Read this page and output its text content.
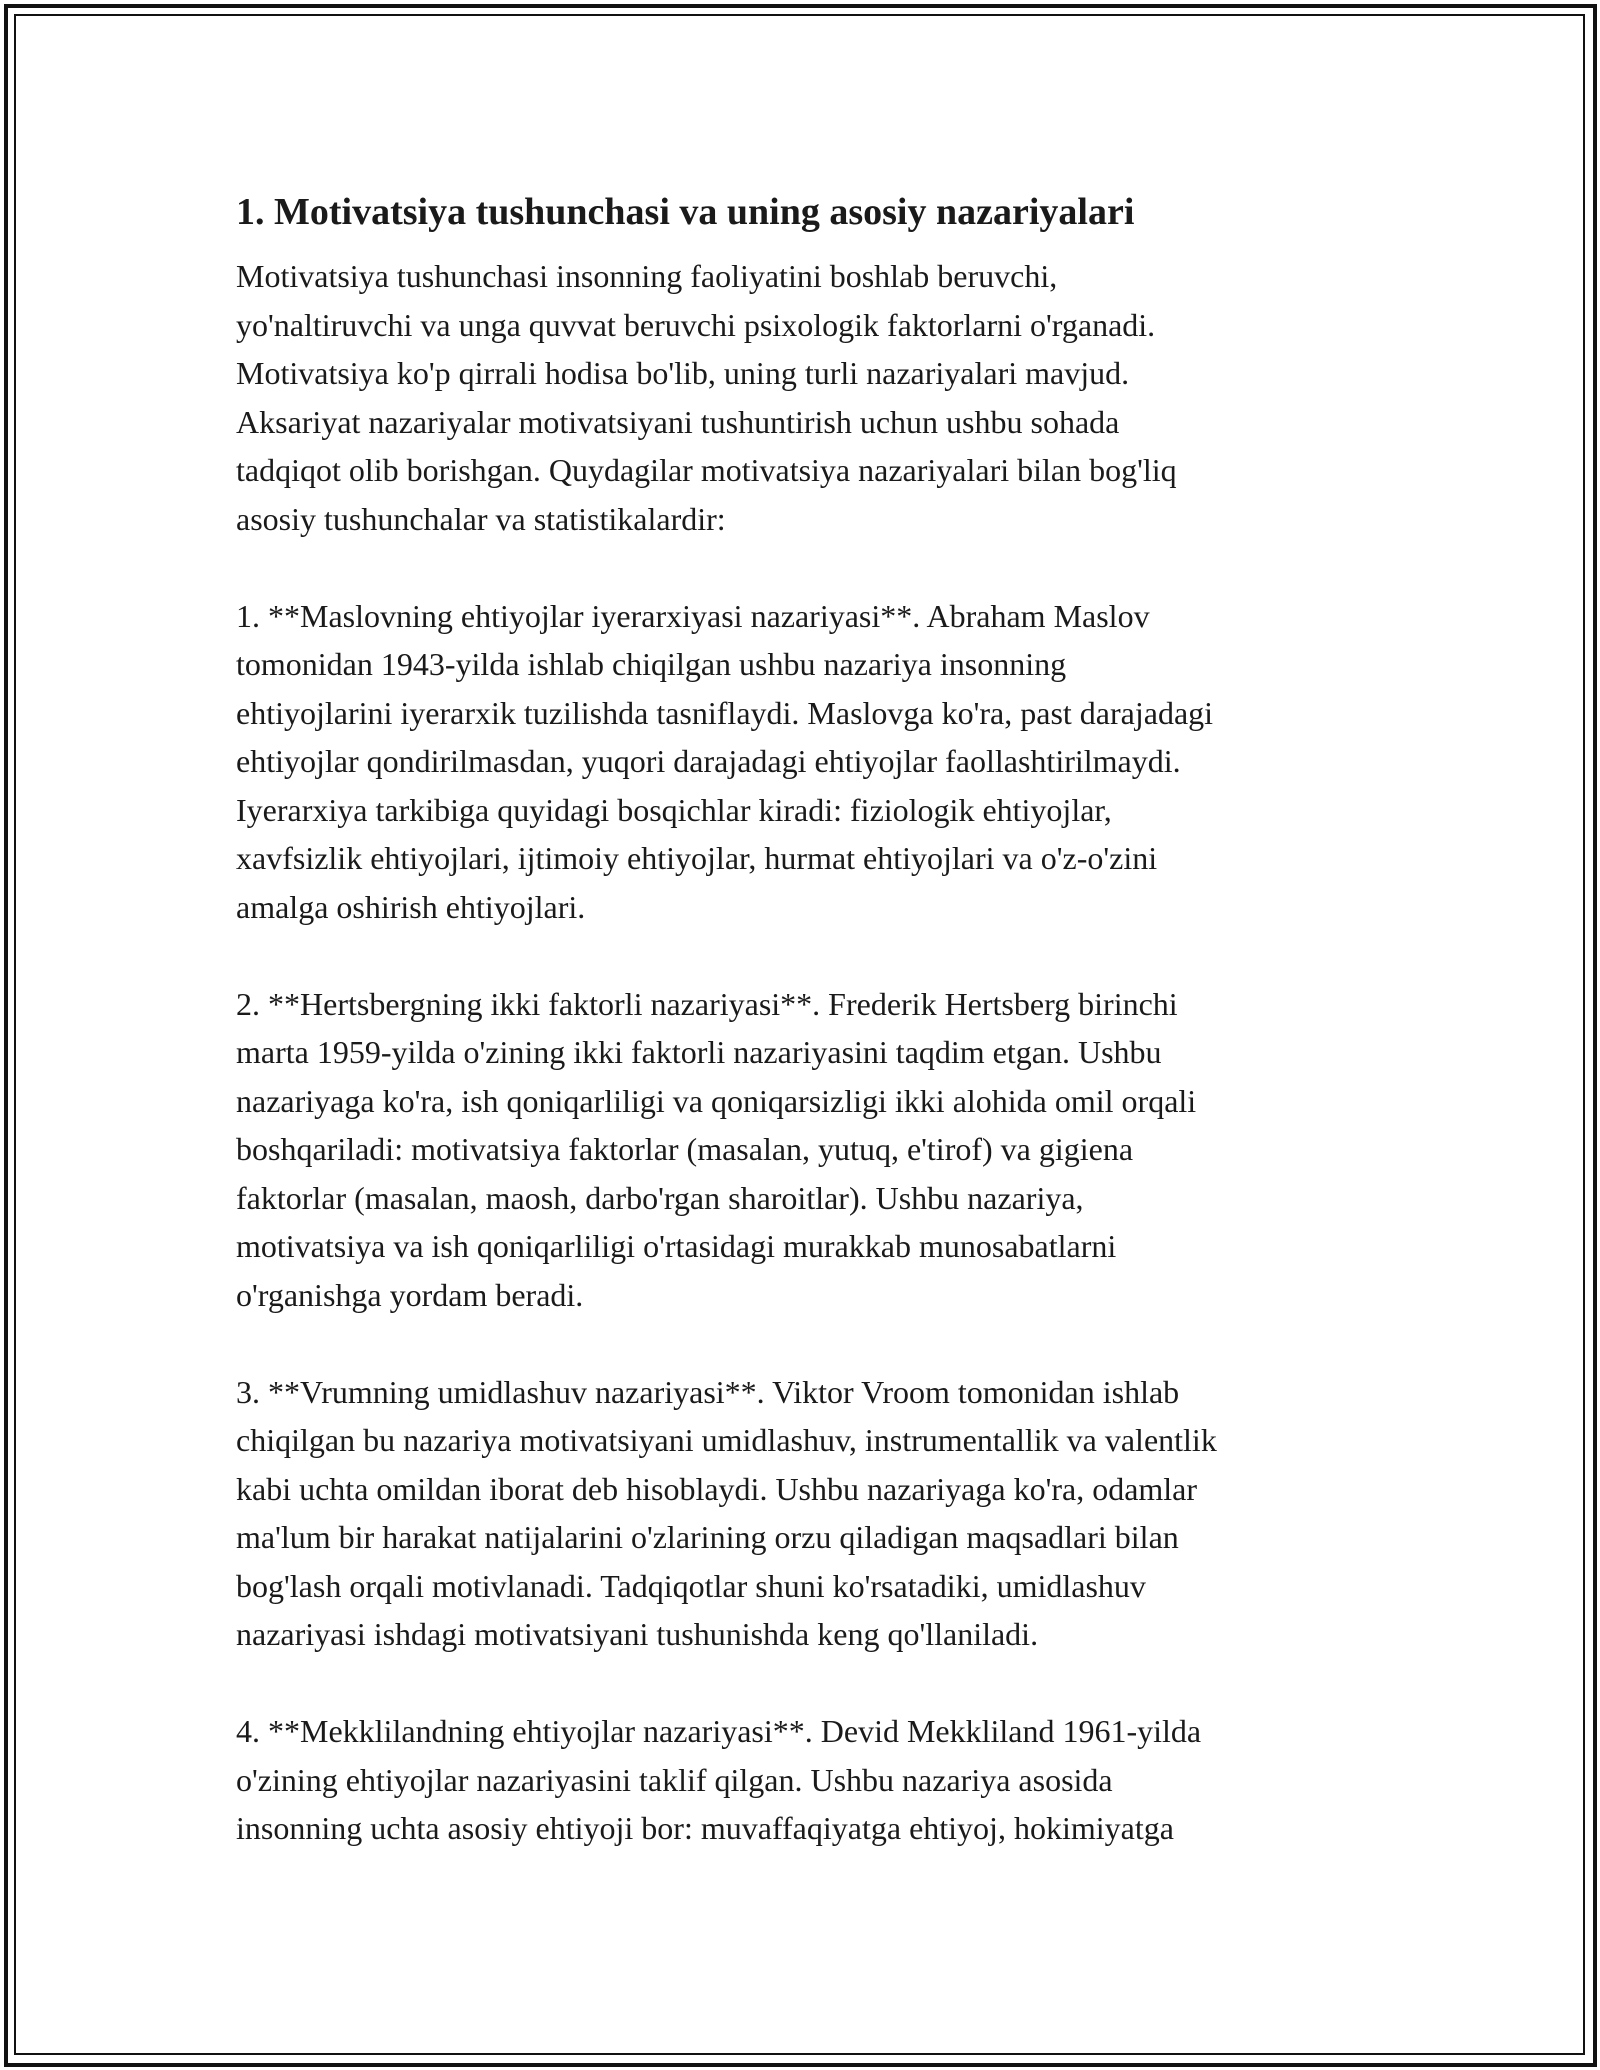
1. Motivatsiya tushunchasi va uning asosiy nazariyalari

Motivatsiya tushunchasi insonning faoliyatini boshlab beruvchi,
yo'naltiruvchi va unga quvvat beruvchi psixologik faktorlarni o'rganadi.
Motivatsiya ko'p qirrali hodisa bo'lib, uning turli nazariyalari mavjud.
Aksariyat nazariyalar motivatsiyani tushuntirish uchun ushbu sohada
tadqiqot olib borishgan. Quydagilar motivatsiya nazariyalari bilan bog'liq
asosiy tushunchalar va statistikalardir:

1. **Maslovning ehtiyojlar iyerarxiyasi nazariyasi**. Abraham Maslov
tomonidan 1943-yilda ishlab chiqilgan ushbu nazariya insonning
ehtiyojlarini iyerarxik tuzilishda tasniflaydi. Maslovga ko'ra, past darajadagi
ehtiyojlar qondirilmasdan, yuqori darajadagi ehtiyojlar faollashtirilmaydi.
Iyerarxiya tarkibiga quyidagi bosqichlar kiradi: fiziologik ehtiyojlar,
xavfsizlik ehtiyojlari, ijtimoiy ehtiyojlar, hurmat ehtiyojlari va o'z-o'zini
amalga oshirish ehtiyojlari.

2. **Hertsbergning ikki faktorli nazariyasi**. Frederik Hertsberg birinchi
marta 1959-yilda o'zining ikki faktorli nazariyasini taqdim etgan. Ushbu
nazariyaga ko'ra, ish qoniqarliligi va qoniqarsizligi ikki alohida omil orqali
boshqariladi: motivatsiya faktorlar (masalan, yutuq, e'tirof) va gigiena
faktorlar (masalan, maosh, darbo'rgan sharoitlar). Ushbu nazariya,
motivatsiya va ish qoniqarliligi o'rtasidagi murakkab munosabatlarni
o'rganishga yordam beradi.

3. **Vrumning umidlashuv nazariyasi**. Viktor Vroom tomonidan ishlab
chiqilgan bu nazariya motivatsiyani umidlashuv, instrumentallik va valentlik
kabi uchta omildan iborat deb hisoblaydi. Ushbu nazariyaga ko'ra, odamlar
ma'lum bir harakat natijalarini o'zlarining orzu qiladigan maqsadlari bilan
bog'lash orqali motivlanadi. Tadqiqotlar shuni ko'rsatadiki, umidlashuv
nazariyasi ishdagi motivatsiyani tushunishda keng qo'llaniladi.

4. **Mekklilandning ehtiyojlar nazariyasi**. Devid Mekkliland 1961-yilda
o'zining ehtiyojlar nazariyasini taklif qilgan. Ushbu nazariya asosida
insonning uchta asosiy ehtiyoji bor: muvaffaqiyatga ehtiyoj, hokimiyatga
